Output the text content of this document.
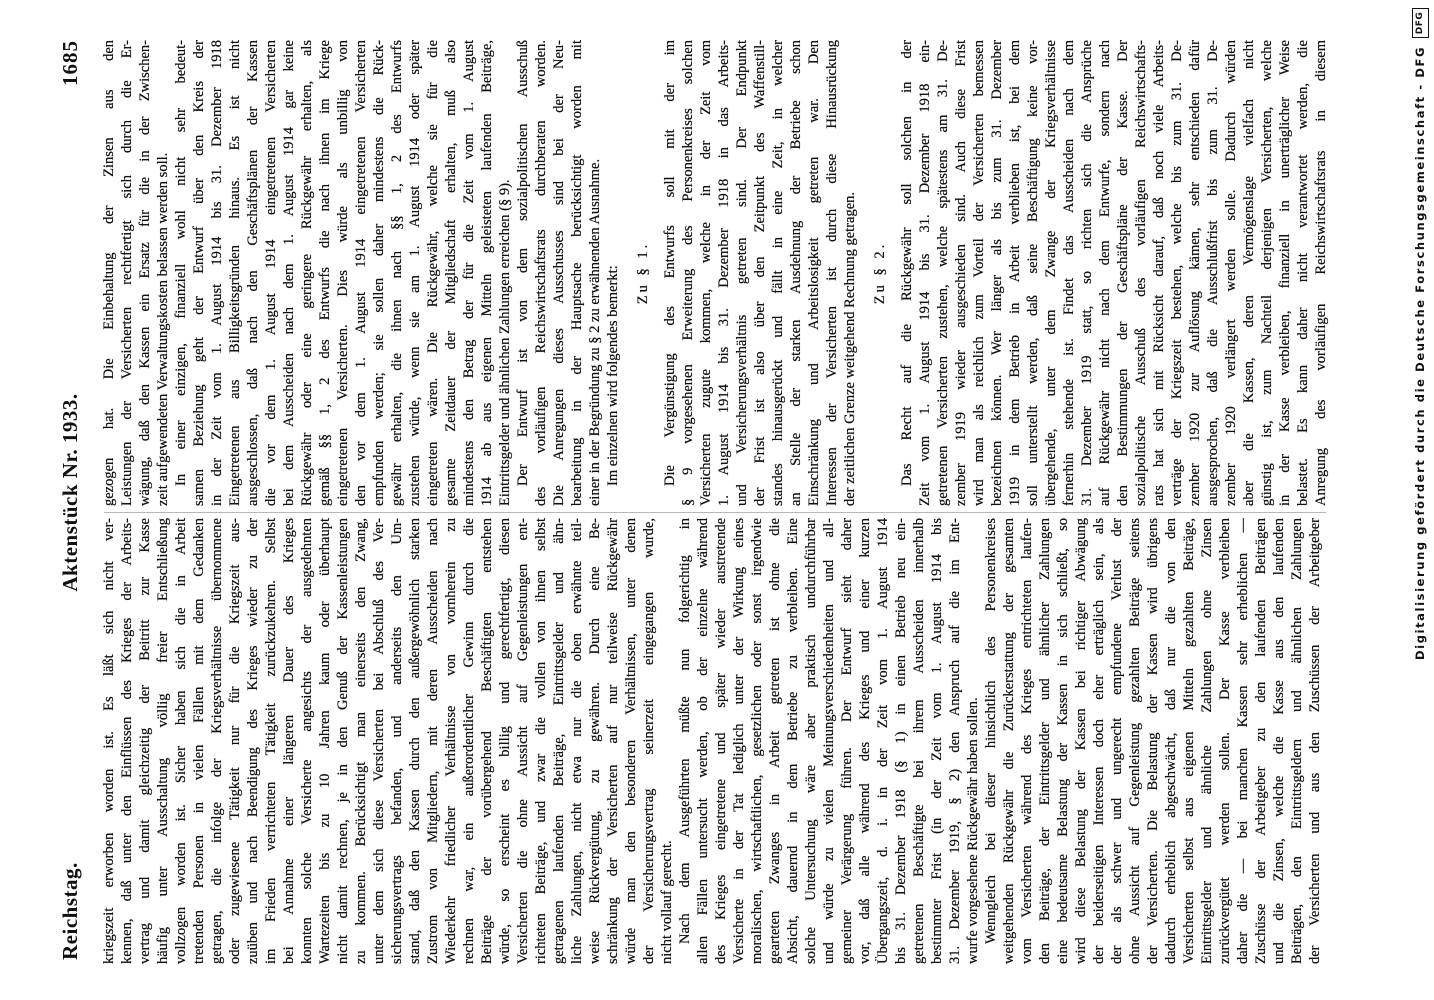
Reichstag.
Aktenstück Nr. 1933.
1685
kriegszeit erworben worden ist. Es läßt sich nicht ver- kennen, daß unter den Einflüssen des Krieges der Arbeits- vertrag und damit gleichzeitig der Beitritt zur Kasse häufig unter Ausschaltung völlig freier Entschließung vollzogen worden ist. Sicher haben sich die in Arbeit tretenden Personen in vielen Fällen mit dem Gedanken getragen, die infolge der Kriegsverhältnisse übernommene oder zugewiesene Tätigkeit nur für die Kriegszeit aus- zuüben und nach Beendigung des Krieges wieder zu der im Frieden verrichteten Tätigkeit zurückzukehren. Selbst bei Annahme einer längeren Dauer des Krieges konnten solche Versicherte angesichts der ausgedehnten Wartezeiten bis zu 10 Jahren kaum oder überhaupt nicht damit rechnen, je in den Genuß der Kassenleistungen zu kommen. Berücksichtigt man einerseits den Zwang, unter dem sich diese Versicherten bei Abschluß des Ver- sicherungsvertrags befanden, und anderseits den Um- stand, daß den Kassen durch den außergewöhnlich starken Zustrom von Mitgliedern, mit deren Ausscheiden nach Wiederkehr friedlicher Verhältnisse von vornherein zu rechnen war, ein außerordentlicher Gewinn durch die Beiträge der vorübergehend Beschäftigten entstehen würde, so erscheint es billig und gerechtfertigt, diesen Versicherten die ohne Aussicht auf Gegenleistungen ent- richteten Beiträge, und zwar die vollen von ihnen selbst getragenen laufenden Beiträge, Eintrittsgelder und ähn- liche Zahlungen, nicht etwa nur die oben erwähnte teil- weise Rückvergütung, zu gewähren. Durch eine Be- schränkung der Versicherten auf nur teilweise Rückgewähr würde man den besonderen Verhältnissen, unter denen der Versicherungsvertrag seinerzeit eingegangen wurde, nicht vollauf gerecht. Nach dem Ausgeführten müßte nun folgerichtig in allen Fällen untersucht werden, ob der einzelne während des Krieges eingetretene und später wieder austretende Versicherte in der Tat lediglich unter der Wirkung eines moralischen, wirtschaftlichen, gesetzlichen oder sonst irgendwie gearteten Zwanges in Arbeit getreten ist ohne die Absicht, dauernd in dem Betriebe zu verbleiben. Eine solche Untersuchung wäre aber praktisch undurchführbar und würde zu vielen Meinungsverschiedenheiten und all- gemeiner Verärgerung führen. Der Entwurf sieht daher vor, daß alle während des Krieges und einer kurzen Übergangszeit, d. i. in der Zeit vom 1. August 1914 bis 31. Dezember 1918 (§ 1) in einen Betrieb neu ein- getretenen Beschäftigte bei ihrem Ausscheiden innerhalb bestimmter Frist (in der Zeit vom 1. August 1914 bis 31. Dezember 1919, § 2) den Anspruch auf die im Ent- wurfe vorgesehene Rückgewähr haben sollen. Wenngleich bei dieser hinsichtlich des Personenkreises weitgehenden Rückgewähr die Zurückerstattung der gesamten vom Versicherten während des Krieges entrichteten laufen- den Beiträge, der Eintrittsgelder und ähnlicher Zahlungen eine bedeutsame Belastung der Kassen in sich schließt, so wird diese Belastung der Kassen bei richtiger Abwägung der beiderseitigen Interessen doch eher erträglich sein, als der als schwer und ungerecht empfundene Verlust der ohne Aussicht auf Gegenleistung gezahlten Beiträge seitens der Versicherten. Die Belastung der Kassen wird übrigens dadurch erheblich abgeschwächt, daß nur die von den Versicherten selbst aus eigenen Mitteln gezahlten Beiträge, Eintrittsgelder und ähnliche Zahlungen ohne Zinsen zurückvergütet werden sollen. Der Kasse verbleiben daher die — bei manchen Kassen sehr erheblichen — Zuschüsse der Arbeitgeber zu den laufenden Beiträgen und die Zinsen, welche die Kasse aus den laufenden Beiträgen, den Eintrittsgeldern und ähnlichen Zahlungen der Versicherten und aus den Zuschüssen der Arbeitgeber
gezogen hat. Die Einbehaltung der Zinsen aus den Leistungen der Versicherten rechtfertigt sich durch die Er- wägung, daß den Kassen ein Ersatz für die in der Zwischen- zeit aufgewendeten Verwaltungskosten belassen werden soll. In einer einzigen, finanziell wohl nicht sehr bedeut- samen Beziehung geht der Entwurf über den Kreis der in der Zeit vom 1. August 1914 bis 31. Dezember 1918 Eingetretenen aus Billigkeitsgründen hinaus. Es ist nicht ausgeschlossen, daß nach den Geschäftsplänen der Kassen die vor dem 1. August 1914 eingetretenen Versicherten bei dem Ausscheiden nach dem 1. August 1914 gar keine Rückgewähr oder eine geringere Rückgewähr erhalten, als gemäß §§ 1, 2 des Entwurfs die nach ihnen im Kriege eingetretenen Versicherten. Dies würde als unbillig von den vor dem 1. August 1914 eingetretenen Versicherten empfunden werden; sie sollen daher mindestens die Rück- gewähr erhalten, die ihnen nach §§ 1, 2 des Entwurfs zustehen würde, wenn sie am 1. August 1914 oder später eingetreten wären. Die Rückgewähr, welche sie für die gesamte Zeitdauer der Mitgliedschaft erhalten, muß also mindestens den Betrag der für die Zeit vom 1. August 1914 ab aus eigenen Mitteln geleisteten laufenden Beiträge, Eintrittsgelder und ähnlichen Zahlungen erreichen (§ 9). Der Entwurf ist von dem sozialpolitischen Ausschuß des vorläufigen Reichswirtschaftsrats durchberaten worden. Die Anregungen dieses Ausschusses sind bei der Neu- bearbeitung in der Hauptsache berücksichtigt worden mit einer in der Begründung zu § 2 zu erwähnenden Ausnahme. Im einzelnen wird folgendes bemerkt: Zu § 1. Die Vergünstigung des Entwurfs soll mit der im § 9 vorgesehenen Erweiterung des Personenkreises solchen Versicherten zugute kommen, welche in der Zeit vom 1. August 1914 bis 31. Dezember 1918 in das Arbeits- und Versicherungsverhältnis getreten sind. Der Endpunkt der Frist ist also über den Zeitpunkt des Waffenstill- standes hinausgerückt und fällt in eine Zeit, in welcher an Stelle der starken Ausdehnung der Betriebe schon Einschränkung und Arbeitslosigkeit getreten war. Den Interessen der Versicherten ist durch diese Hinausrückung der zeitlichen Grenze weitgehend Rechnung getragen. Zu § 2. Das Recht auf die Rückgewähr soll solchen in der Zeit vom 1. August 1914 bis 31. Dezember 1918 ein- getretenen Versicherten zustehen, welche spätestens am 31. De- zember 1919 wieder ausgeschieden sind. Auch diese Frist wird man als reichlich zum Vorteil der Versicherten bemessen bezeichnen können. Wer länger als bis zum 31. Dezember 1919 in dem Betrieb in Arbeit verblieben ist, bei dem soll unterstellt werden, daß seine Beschäftigung keine vor- übergehende, unter dem Zwange der Kriegsverhältnisse fernerhin stehende ist. Findet das Ausscheiden nach dem 31. Dezember 1919 statt, so richten sich die Ansprüche auf Rückgewähr nicht nach dem Entwurfe, sondern nach den Bestimmungen der Geschäftspläne der Kasse. Der sozialpolitische Ausschuß des vorläufigen Reichswirtschafts- rats hat sich mit Rücksicht darauf, daß noch viele Arbeits- verträge der Kriegszeit bestehen, welche bis zum 31. De- zember 1920 zur Auflösung kämen, sehr entschieden dafür ausgesprochen, daß die Ausschlußfrist bis zum 31. De- zember 1920 verlängert werden solle. Dadurch würden aber die Kassen, deren Vermögenslage vielfach nicht günstig ist, zum Nachteil derjenigen Versicherten, welche in der Kasse verbleiben, finanziell in unerträglicher Weise belastet. Es kann daher nicht verantwortet werden, die Anregung des vorläufigen Reichswirtschaftsrats in diesem	Digitalisierung gefördert durch die Deutsche Forschungsgemeinschaft - DFG
DFG
